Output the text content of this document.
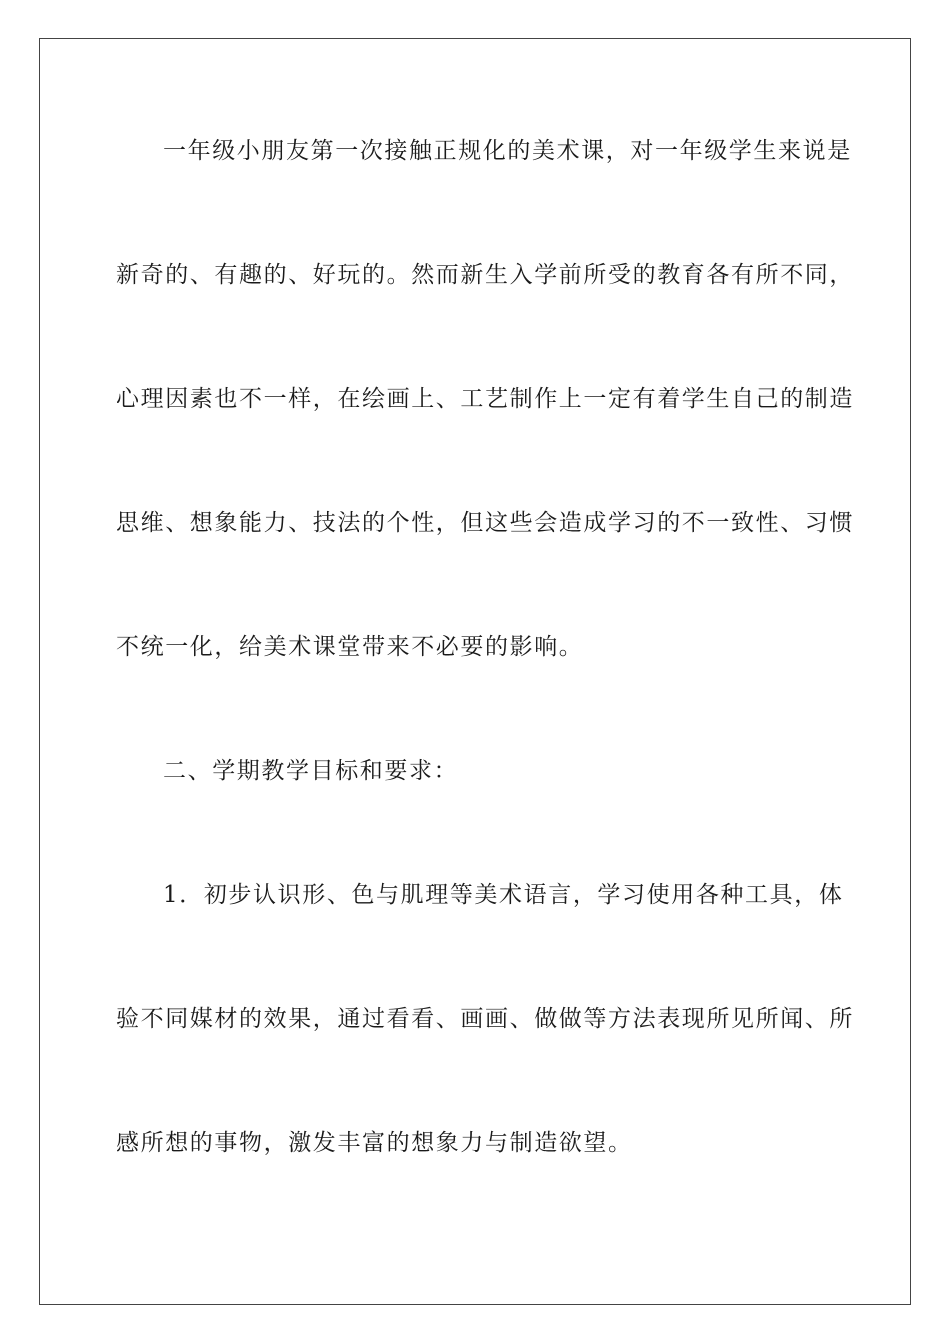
一年级小朋友第一次接触正规化的美术课，对一年级学生来说是
新奇的、有趣的、好玩的。然而新生入学前所受的教育各有所不同，
心理因素也不一样，在绘画上、工艺制作上一定有着学生自己的制造
思维、想象能力、技法的个性，但这些会造成学习的不一致性、习惯
不统一化，给美术课堂带来不必要的影响。
二、学期教学目标和要求：
1．初步认识形、色与肌理等美术语言，学习使用各种工具，体
验不同媒材的效果，通过看看、画画、做做等方法表现所见所闻、所
感所想的事物，激发丰富的想象力与制造欲望。
